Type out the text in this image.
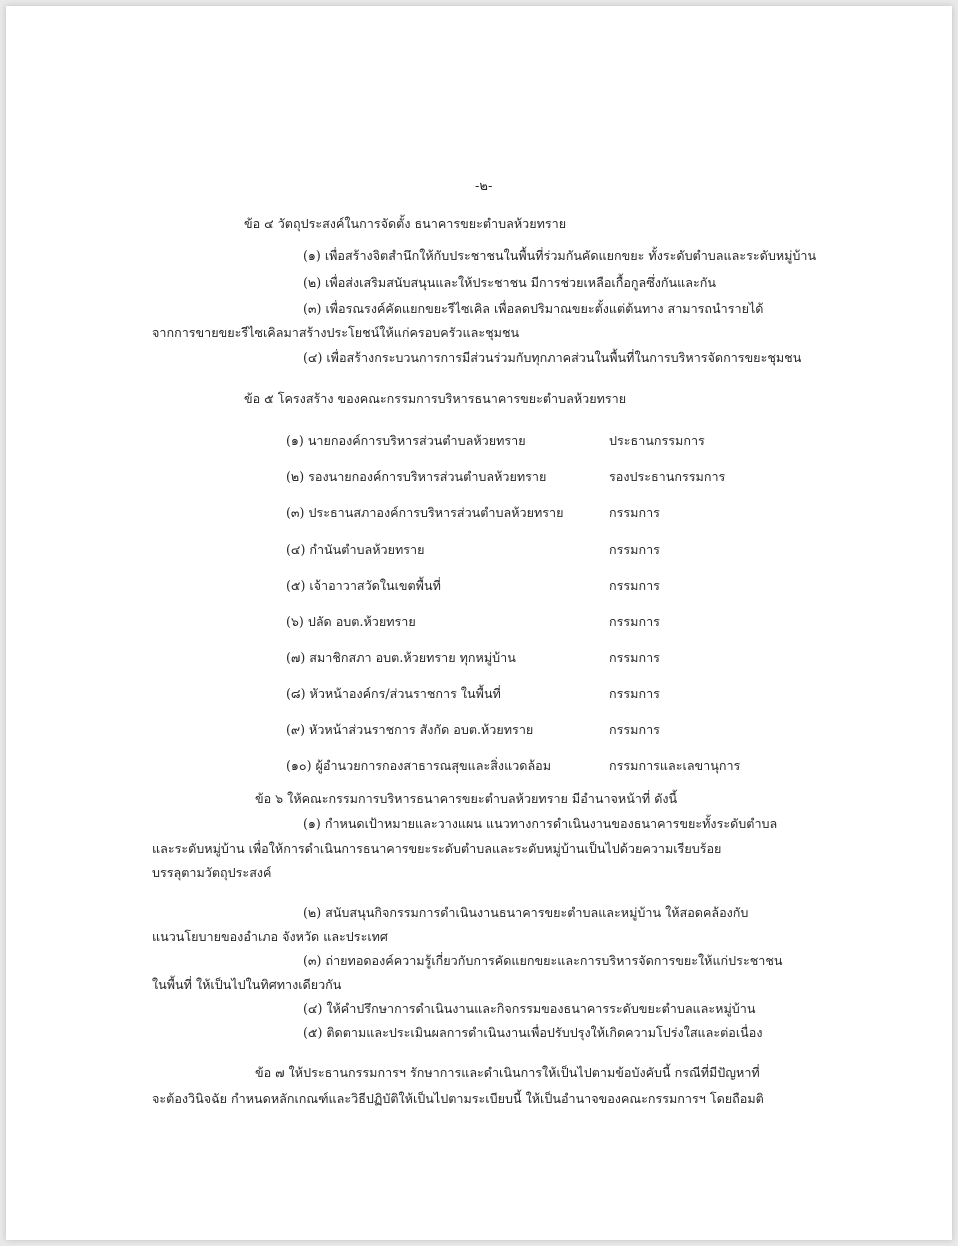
-๒-
ข้อ ๔ วัตถุประสงค์ในการจัดตั้ง ธนาคารขยะตำบลห้วยทราย
(๑) เพื่อสร้างจิตสำนึกให้กับประชาชนในพื้นที่ร่วมกันคัดแยกขยะ ทั้งระดับตำบลและระดับหมู่บ้าน
(๒) เพื่อส่งเสริมสนับสนุนและให้ประชาชน มีการช่วยเหลือเกื้อกูลซึ่งกันและกัน
(๓) เพื่อรณรงค์คัดแยกขยะรีไซเคิล เพื่อลดปริมาณขยะตั้งแต่ต้นทาง สามารถนำรายได้
จากการขายขยะรีไซเคิลมาสร้างประโยชน์ให้แก่ครอบครัวและชุมชน
(๔) เพื่อสร้างกระบวนการการมีส่วนร่วมกับทุกภาคส่วนในพื้นที่ในการบริหารจัดการขยะชุมชน
ข้อ ๕ โครงสร้าง ของคณะกรรมการบริหารธนาคารขยะตำบลห้วยทราย
(๑) นายกองค์การบริหารส่วนตำบลห้วยทราย	ประธานกรรมการ
(๒) รองนายกองค์การบริหารส่วนตำบลห้วยทราย	รองประธานกรรมการ
(๓) ประธานสภาองค์การบริหารส่วนตำบลห้วยทราย	กรรมการ
(๔) กำนันตำบลห้วยทราย	กรรมการ
(๕) เจ้าอาวาสวัดในเขตพื้นที่	กรรมการ
(๖) ปลัด อบต.ห้วยทราย	กรรมการ
(๗) สมาชิกสภา อบต.ห้วยทราย ทุกหมู่บ้าน	กรรมการ
(๘) หัวหน้าองค์กร/ส่วนราชการ ในพื้นที่	กรรมการ
(๙) หัวหน้าส่วนราชการ สังกัด อบต.ห้วยทราย	กรรมการ
(๑๐) ผู้อำนวยการกองสาธารณสุขและสิ่งแวดล้อม	กรรมการและเลขานุการ
ข้อ ๖ ให้คณะกรรมการบริหารธนาคารขยะตำบลห้วยทราย มีอำนาจหน้าที่ ดังนี้
(๑) กำหนดเป้าหมายและวางแผน แนวทางการดำเนินงานของธนาคารขยะทั้งระดับตำบล
และระดับหมู่บ้าน เพื่อให้การดำเนินการธนาคารขยะระดับตำบลและระดับหมู่บ้านเป็นไปด้วยความเรียบร้อย
บรรลุตามวัตถุประสงค์
(๒) สนับสนุนกิจกรรมการดำเนินงานธนาคารขยะตำบลและหมู่บ้าน ให้สอดคล้องกับ
แนวนโยบายของอำเภอ จังหวัด และประเทศ
(๓) ถ่ายทอดองค์ความรู้เกี่ยวกับการคัดแยกขยะและการบริหารจัดการขยะให้แก่ประชาชน
ในพื้นที่ ให้เป็นไปในทิศทางเดียวกัน
(๔) ให้คำปรึกษาการดำเนินงานและกิจกรรมของธนาคารระดับขยะตำบลและหมู่บ้าน
(๕) ติดตามและประเมินผลการดำเนินงานเพื่อปรับปรุงให้เกิดความโปร่งใสและต่อเนื่อง
ข้อ ๗ ให้ประธานกรรมการฯ รักษาการและดำเนินการให้เป็นไปตามข้อบังคับนี้ กรณีที่มีปัญหาที่
จะต้องวินิจฉัย กำหนดหลักเกณฑ์และวิธีปฏิบัติให้เป็นไปตามระเบียบนี้ ให้เป็นอำนาจของคณะกรรมการฯ โดยถือมติ
